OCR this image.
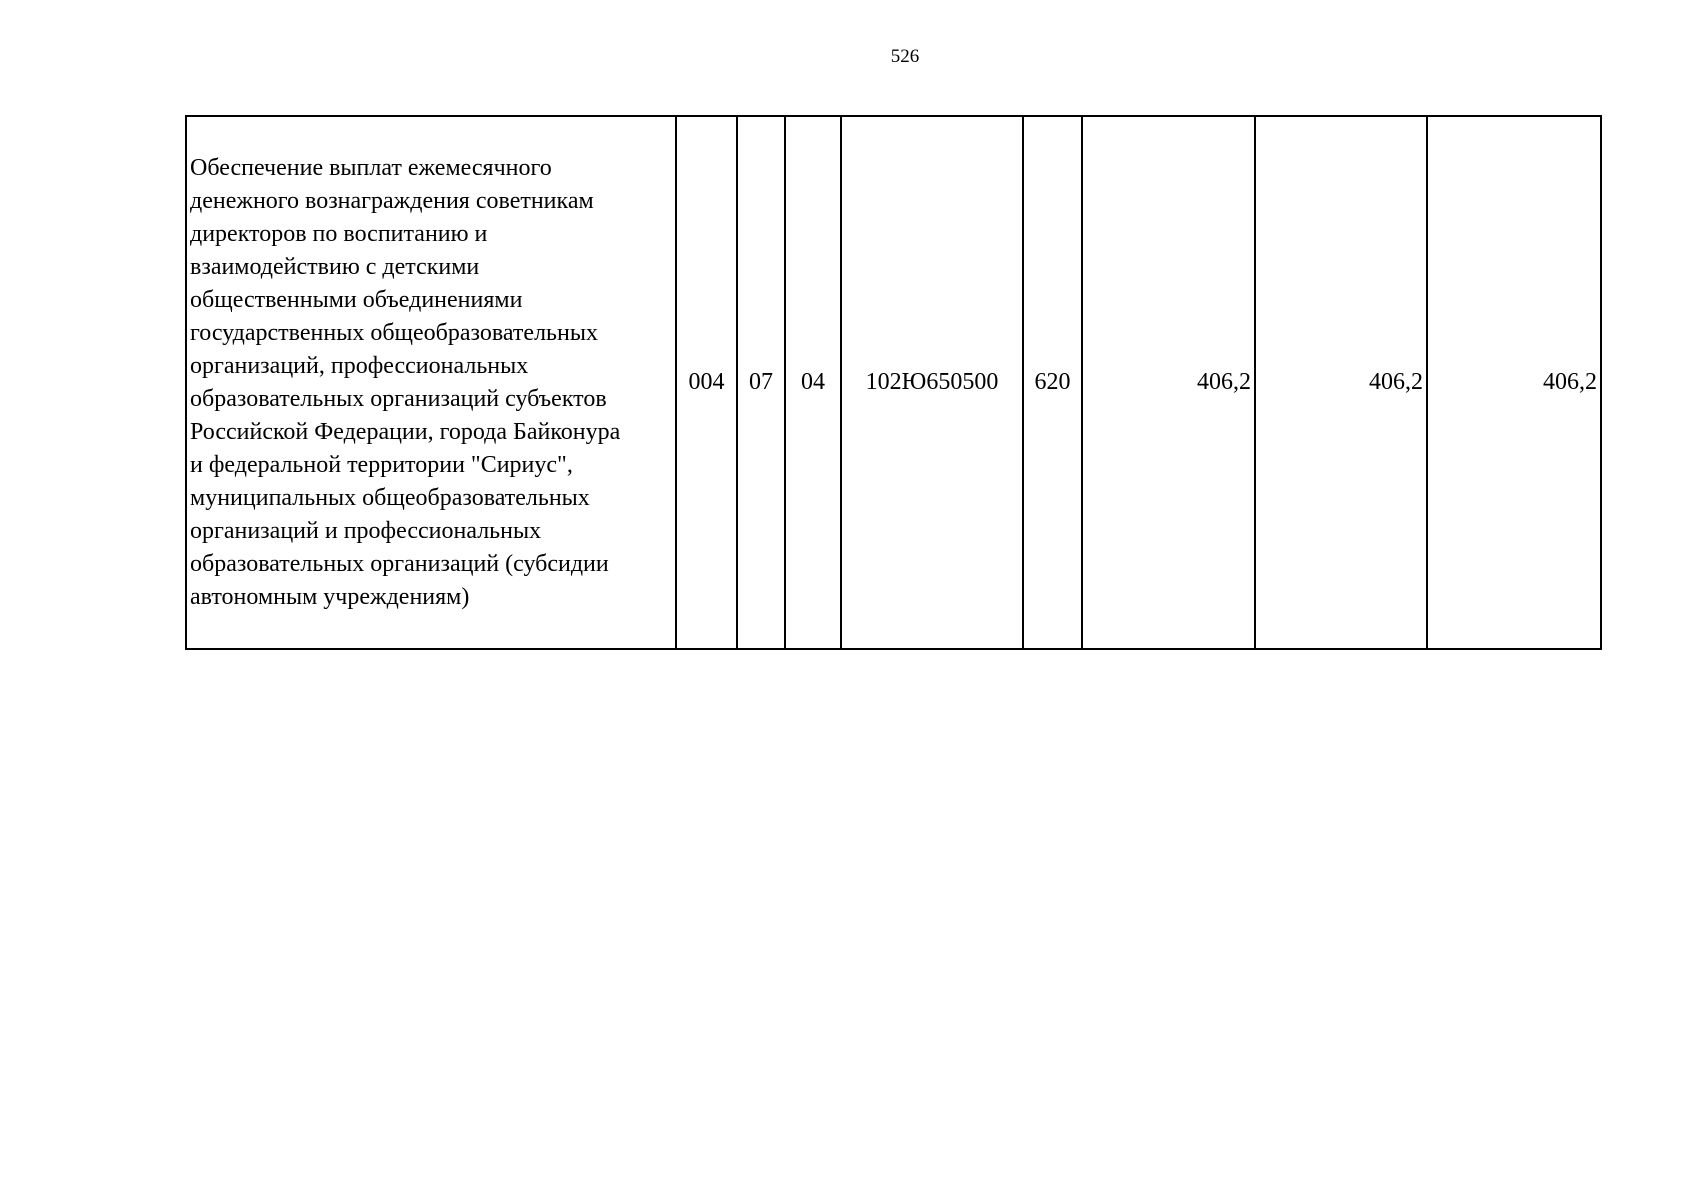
526
Обеспечение выплат ежемесячного
денежного вознаграждения советникам
директоров по воспитанию и
взаимодействию с детскими
общественными объединениями
государственных общеобразовательных
организаций, профессиональных
образовательных организаций субъектов
Российской Федерации, города Байконура
и федеральной территории "Сириус",
муниципальных общеобразовательных
организаций и профессиональных
образовательных организаций (субсидии
автономным учреждениям)	004	07	04	102Ю650500	620	406,2	406,2	406,2
